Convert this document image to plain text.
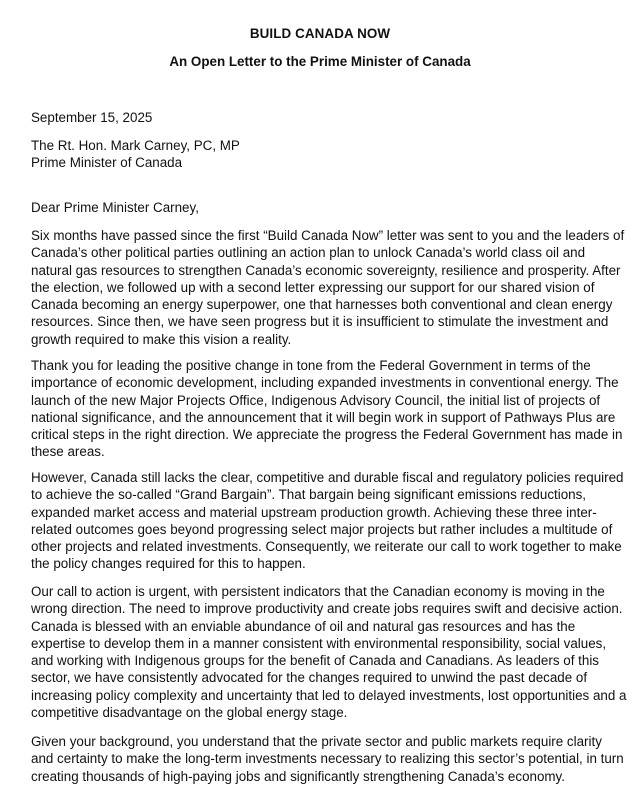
BUILD CANADA NOW
An Open Letter to the Prime Minister of Canada
September 15, 2025
The Rt. Hon. Mark Carney, PC, MP
Prime Minister of Canada
Dear Prime Minister Carney,
Six months have passed since the first “Build Canada Now” letter was sent to you and the leaders of
Canada’s other political parties outlining an action plan to unlock Canada’s world class oil and
natural gas resources to strengthen Canada’s economic sovereignty, resilience and prosperity. After
the election, we followed up with a second letter expressing our support for our shared vision of
Canada becoming an energy superpower, one that harnesses both conventional and clean energy
resources. Since then, we have seen progress but it is insufficient to stimulate the investment and
growth required to make this vision a reality.
Thank you for leading the positive change in tone from the Federal Government in terms of the
importance of economic development, including expanded investments in conventional energy. The
launch of the new Major Projects Office, Indigenous Advisory Council, the initial list of projects of
national significance, and the announcement that it will begin work in support of Pathways Plus are
critical steps in the right direction. We appreciate the progress the Federal Government has made in
these areas.
However, Canada still lacks the clear, competitive and durable fiscal and regulatory policies required
to achieve the so-called “Grand Bargain”. That bargain being significant emissions reductions,
expanded market access and material upstream production growth. Achieving these three inter-
related outcomes goes beyond progressing select major projects but rather includes a multitude of
other projects and related investments. Consequently, we reiterate our call to work together to make
the policy changes required for this to happen.
Our call to action is urgent, with persistent indicators that the Canadian economy is moving in the
wrong direction. The need to improve productivity and create jobs requires swift and decisive action.
Canada is blessed with an enviable abundance of oil and natural gas resources and has the
expertise to develop them in a manner consistent with environmental responsibility, social values,
and working with Indigenous groups for the benefit of Canada and Canadians. As leaders of this
sector, we have consistently advocated for the changes required to unwind the past decade of
increasing policy complexity and uncertainty that led to delayed investments, lost opportunities and a
competitive disadvantage on the global energy stage.
Given your background, you understand that the private sector and public markets require clarity
and certainty to make the long-term investments necessary to realizing this sector’s potential, in turn
creating thousands of high-paying jobs and significantly strengthening Canada’s economy.
